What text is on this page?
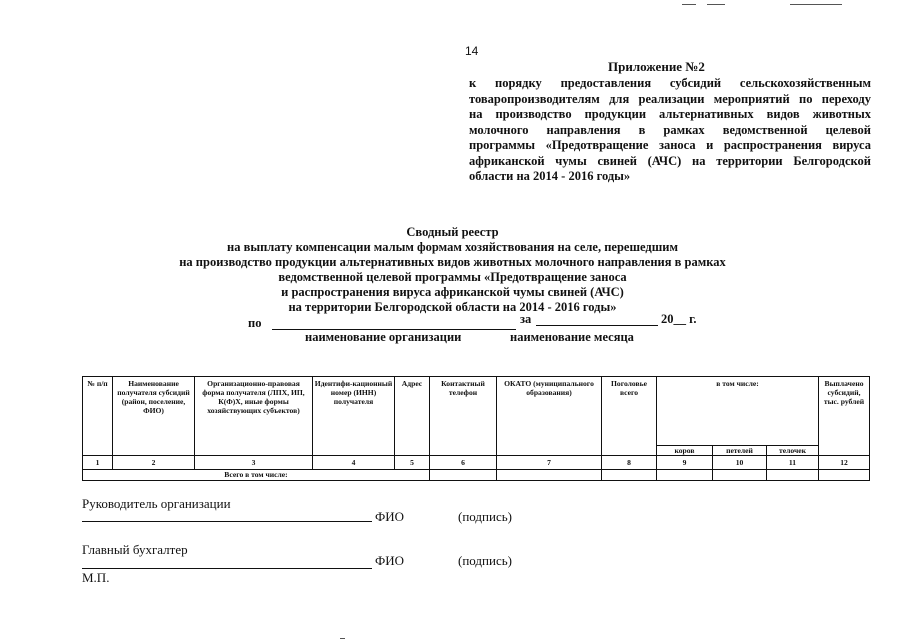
14
Приложение №2
к порядку предоставления субсидий сельскохозяйственным
товаропроизводителям для реализации мероприятий по переходу
на производство продукции альтернативных видов животных
молочного направления в рамках ведомственной целевой
программы «Предотвращение заноса и распространения вируса
африканской чумы свиней (АЧС) на территории Белгородской
области на 2014 - 2016 годы»
Сводный реестр
на выплату компенсации малым формам хозяйствования на селе, перешедшим
на производство продукции альтернативных видов животных молочного направления в рамках
ведомственной целевой программы «Предотвращение заноса
и распространения вируса африканской чумы свиней (АЧС)
на территории Белгородской области на 2014 - 2016 годы»
по	за	20__ г.
наименование организации	наименование месяца
№ п/п	Наименование получателя субсидий (район, поселение, ФИО)	Организационно-правовая форма получателя (ЛПХ, ИП, К(Ф)Х, иные формы хозяйствующих субъектов)	Идентифи-кационный номер (ИНН) получателя	Адрес	Контактный телефон	ОКАТО (муниципального образования)	Поголовье всего	в том числе:			Выплачено субсидий, тыс. рублей
								коров	петелей	телочек	
1	2	3	4	5	6	7	8	9	10	11	12
Всего в том числе:											
Руководитель организации
ФИО	(подпись)
Главный бухгалтер
ФИО	(подпись)
М.П.
